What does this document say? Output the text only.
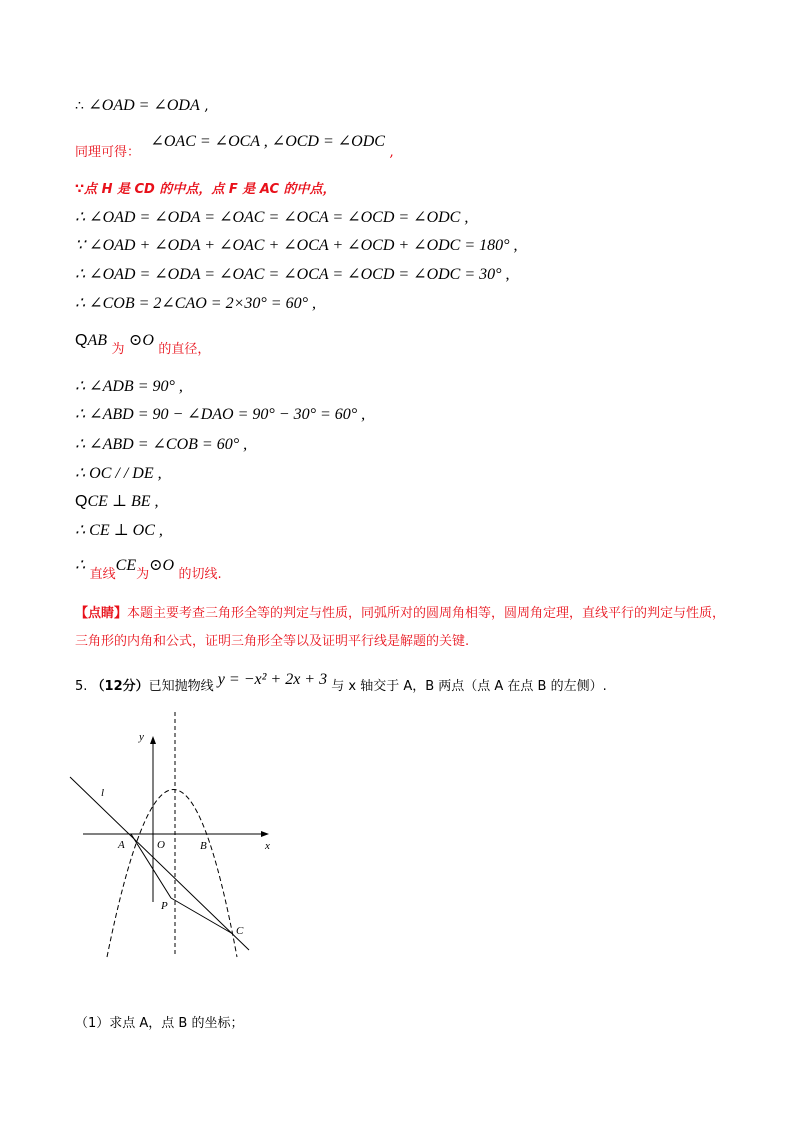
∴ ∠OAD = ∠ODA ,
同理可得： ∠OAC = ∠OCA , ∠OCD = ∠ODC ,
∵点 H 是 CD 的中点，点 F 是 AC 的中点，
∴ ∠OAD = ∠ODA = ∠OAC = ∠OCA = ∠OCD = ∠ODC ,
∵ ∠OAD + ∠ODA + ∠OAC + ∠OCA + ∠OCD + ∠ODC = 180° ,
∴ ∠OAD = ∠ODA = ∠OAC = ∠OCA = ∠OCD = ∠ODC = 30° ,
∴ ∠COB = 2∠CAO = 2×30° = 60° ,
QAB 为 ⊙O 的直径，
∴ ∠ADB = 90° ,
∴ ∠ABD = 90 − ∠DAO = 90° − 30° = 60° ,
∴ ∠ABD = ∠COB = 60° ,
∴ OC / / DE ,
QCE ⊥ BE ,
∴ CE ⊥ OC ,
∴ 直线CE为⊙O 的切线.
【点睛】本题主要考查三角形全等的判定与性质，同弧所对的圆周角相等，圆周角定理，直线平行的判定与性质，三角形的内角和公式，证明三角形全等以及证明平行线是解题的关键.
5. （12分）已知抛物线 y = −x² + 2x + 3 与 x 轴交于 A，B 两点（点 A 在点 B 的左侧）.
y
x
l
A	O	B
P
C
（1）求点 A，点 B 的坐标；
